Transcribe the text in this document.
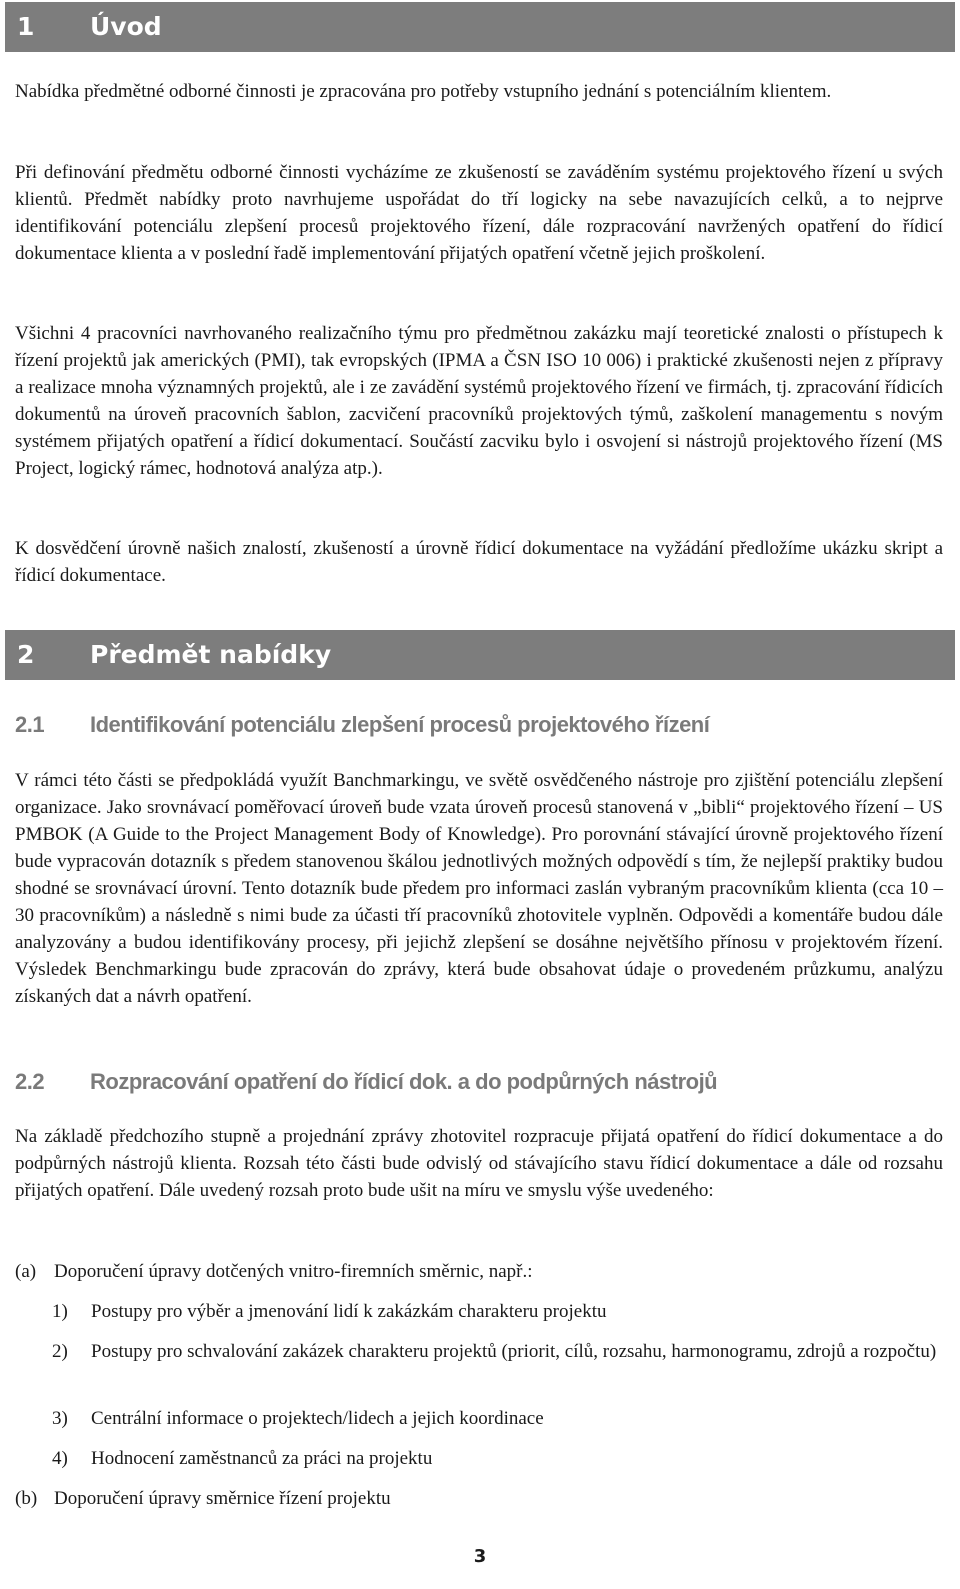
1 Úvod

Nabídka předmětné odborné činnosti je zpracována pro potřeby vstupního jednání s potenciálním klientem.

Při definování předmětu odborné činnosti vycházíme ze zkušeností se zaváděním systému projektového řízení u svých klientů. Předmět nabídky proto navrhujeme uspořádat do tří logicky na sebe navazujících celků, a to nejprve identifikování potenciálu zlepšení procesů projektového řízení, dále rozpracování navržených opatření do řídicí dokumentace klienta a v poslední řadě implementování přijatých opatření včetně jejich proškolení.

Všichni 4 pracovníci navrhovaného realizačního týmu pro předmětnou zakázku mají teoretické znalosti o přístupech k řízení projektů jak amerických (PMI), tak evropských (IPMA a ČSN ISO 10 006) i praktické zkušenosti nejen z přípravy a realizace mnoha významných projektů, ale i ze zavádění systémů projektového řízení ve firmách, tj. zpracování řídicích dokumentů na úroveň pracovních šablon, zacvičení pracovníků projektových týmů, zaškolení managementu s novým systémem přijatých opatření a řídicí dokumentací. Součástí zacviku bylo i osvojení si nástrojů projektového řízení (MS Project, logický rámec, hodnotová analýza atp.).

K dosvědčení úrovně našich znalostí, zkušeností a úrovně řídicí dokumentace na vyžádání předložíme ukázku skript a řídicí dokumentace.

2 Předmět nabídky
2.1 Identifikování potenciálu zlepšení procesů projektového řízení

V rámci této části se předpokládá využít Banchmarkingu, ve světě osvědčeného nástroje pro zjištění potenciálu zlepšení organizace. Jako srovnávací poměřovací úroveň bude vzata úroveň procesů stanovená v „bibli“ projektového řízení – US PMBOK (A Guide to the Project Management Body of Knowledge). Pro porovnání stávající úrovně projektového řízení bude vypracován dotazník s předem stanovenou škálou jednotlivých možných odpovědí s tím, že nejlepší praktiky budou shodné se srovnávací úrovní. Tento dotazník bude předem pro informaci zaslán vybraným pracovníkům klienta (cca 10 – 30 pracovníkům) a následně s nimi bude za účasti tří pracovníků zhotovitele vyplněn. Odpovědi a komentáře budou dále analyzovány a budou identifikovány procesy, při jejichž zlepšení se dosáhne největšího přínosu v projektovém řízení. Výsledek Benchmarkingu bude zpracován do zprávy, která bude obsahovat údaje o provedeném průzkumu, analýzu získaných dat a návrh opatření.

2.2 Rozpracování opatření do řídicí dok. a do podpůrných nástrojů

Na základě předchozího stupně a projednání zprávy zhotovitel rozpracuje přijatá opatření do řídicí dokumentace a do podpůrných nástrojů klienta. Rozsah této části bude odvislý od stávajícího stavu řídicí dokumentace a dále od rozsahu přijatých opatření. Dále uvedený rozsah proto bude ušit na míru ve smyslu výše uvedeného:

(a) Doporučení úpravy dotčených vnitro-firemních směrnic, např.:
1)	Postupy pro výběr a jmenování lidí k zakázkám charakteru projektu
2)	Postupy pro schvalování zakázek charakteru projektů (priorit, cílů, rozsahu, harmonogramu, zdrojů a rozpočtu)
3)	Centrální informace o projektech/lidech a jejich koordinace
4)	Hodnocení zaměstnanců za práci na projektu
(b) Doporučení úpravy směrnice řízení projektu
3
